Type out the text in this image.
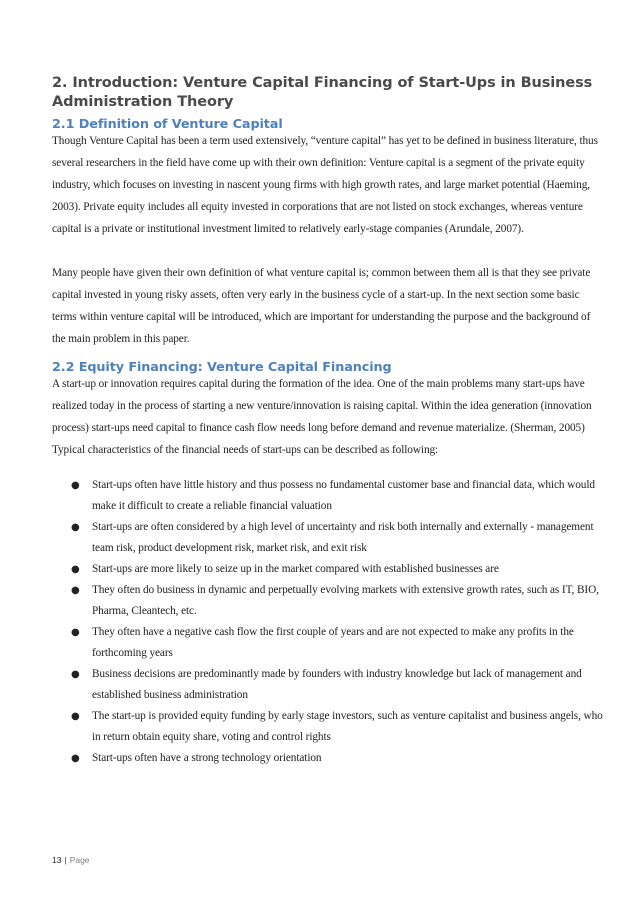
2. Introduction: Venture Capital Financing of Start-Ups in Business Administration Theory
2.1 Definition of Venture Capital

Though Venture Capital has been a term used extensively, “venture capital” has yet to be defined in business literature, thus several researchers in the field have come up with their own definition: Venture capital is a segment of the private equity industry, which focuses on investing in nascent young firms with high growth rates, and large market potential (Haeming, 2003). Private equity includes all equity invested in corporations that are not listed on stock exchanges, whereas venture capital is a private or institutional investment limited to relatively early-stage companies (Arundale, 2007).

Many people have given their own definition of what venture capital is; common between them all is that they see private capital invested in young risky assets, often very early in the business cycle of a start-up. In the next section some basic terms within venture capital will be introduced, which are important for understanding the purpose and the background of the main problem in this paper.

2.2 Equity Financing: Venture Capital Financing

A start-up or innovation requires capital during the formation of the idea. One of the main problems many start-ups have realized today in the process of starting a new venture/innovation is raising capital. Within the idea generation (innovation process) start-ups need capital to finance cash flow needs long before demand and revenue materialize. (Sherman, 2005) Typical characteristics of the financial needs of start-ups can be described as following:

● Start-ups often have little history and thus possess no fundamental customer base and financial data, which would make it difficult to create a reliable financial valuation
● Start-ups are often considered by a high level of uncertainty and risk both internally and externally - management team risk, product development risk, market risk, and exit risk
● Start-ups are more likely to seize up in the market compared with established businesses are
● They often do business in dynamic and perpetually evolving markets with extensive growth rates, such as IT, BIO, Pharma, Cleantech, etc.
● They often have a negative cash flow the first couple of years and are not expected to make any profits in the forthcoming years
● Business decisions are predominantly made by founders with industry knowledge but lack of management and established business administration
● The start-up is provided equity funding by early stage investors, such as venture capitalist and business angels, who in return obtain equity share, voting and control rights
● Start-ups often have a strong technology orientation
13 | Page
